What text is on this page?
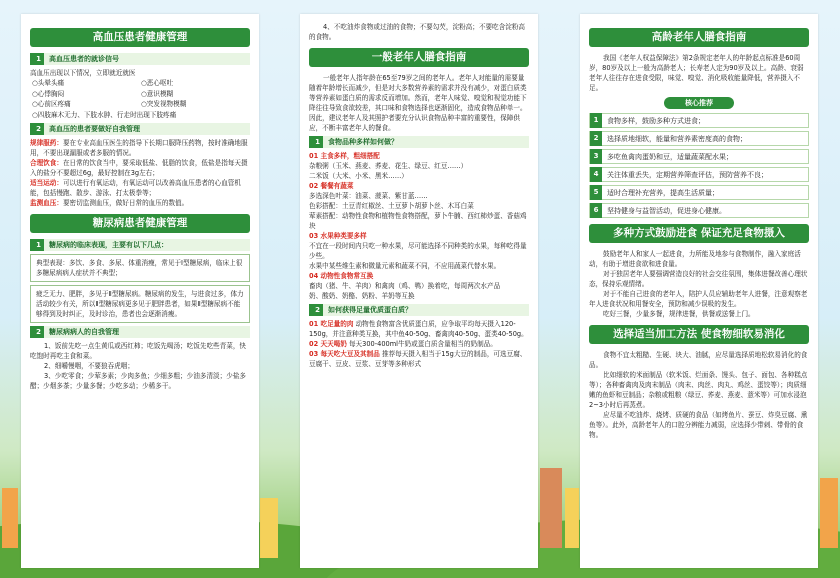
高血压患者健康管理
1	高血压患者的就诊信号
高血压出现以下情况，立即就近就医
○头晕头痛	○恶心呕吐
○心悸胸闷	○意识模糊
○心前区疼痛	○突发视物模糊
○四肢麻木无力、下肢水肿、行走时出现下肢疼痛
2	高血压的患者要做好自我管理
规律服药：要在专业高血压医生的指导下长期口服降压药物，按时准确地服用，不要出现漏服或者多服的情况。
合理饮食：在日常的饮食当中，要采取低盐、低脂的饮食，低盐是指每天摄入的盐分不要超过6g，最好控制在3g左右；
适当运动：可以进行有氧运动，有氧运动可以改善高血压患者的心血管机能，包括慢跑、散步、游泳、打太极拳等；
监测血压：要密切监测血压，做好日常的血压的数值。
糖尿病患者健康管理
1	糖尿病的临床表现，主要有以下几点：
典型表现：多饮、多食、多尿、体重消瘦，常见于Ⅰ型糖尿病，临床上很多糖尿病病人症状并不典型；
疲乏无力、肥胖，多见于Ⅱ型糖尿病。糖尿病的发生，与进食过多，体力活动较少有关，所以Ⅱ型糖尿病更多见于肥胖患者，如果Ⅱ型糖尿病不能够得到及时纠正，及时诊治，患者也会逐渐消瘦。
2	糖尿病病人的自我管理
1、饭前先吃一点生黄瓜或西红柿；吃饭先喝汤；吃饭先吃些青菜，快吃饱时再吃主食和菜。
2、细嚼慢咽，不要狼吞虎咽；
3、少吃零食；少荤多素；少肉多鱼；少细多粗；少油多清淡；少盐多醋；少烟多茶；少量多餐；少吃多动；少稀多干。
4、不吃油炸食物或过油的食物；不要勾芡，淀粉高；不要吃含淀粉高的食物。
一般老年人膳食指南
一般老年人指年龄在65至79岁之间的老年人。老年人对能量的需要量随着年龄增长而减少，但是对大多数营养素的需求并没有减少，对蛋白质类等营养素如蛋白质的需求反而增加。然而，老年人味觉、嗅觉和视觉功能下降往往导致食欲较差，其口味和食物选择也逐渐固化，造成食物品种单一。因此，建议老年人及其照护者要充分认识食物品种丰富的重要性，保障供应，不断丰富老年人的餐食。
1	食物品种多样如何做？
01 主食多样，粗细搭配
杂粮粥（玉米、燕麦、荞麦、花生、绿豆、红豆……）
二米饭（大米、小米、黑米……）
02 餐餐有蔬菜
多选深色叶菜：油菜、菠菜、紫甘蓝……
色彩搭配：土豆青红椒丝、土豆萝卜胡萝卜丝、木耳白菜
荤素搭配：动物性食物和植物性食物搭配，萝卜牛腩、西红柿炒蛋、香菇鸡块
03 水果种类要多样
不宜在一段时间内只吃一种水果，尽可能选择不同种类的水果，每种吃得量少些。
水果中某些维生素和微量元素和蔬菜不同，不应用蔬菜代替水果。
04 动物性食物常互换
畜肉（猪、牛、羊肉）和禽肉（鸡、鸭）换着吃，每周两次水产品
奶、酸奶、奶酪、奶粉、羊奶等互换
2	如何获得足量优质蛋白质？
01 吃足量的肉 动物性食物富含优质蛋白质，应争取平均每天摄入120-150g，并注意种类互换，其中鱼40-50g、畜禽肉40-50g、蛋类40-50g。
02 天天喝奶 每天300-400ml牛奶或蛋白质含量相当的奶制品。
03 每天吃大豆及其制品 推荐每天摄入相当于15g大豆的制品，可选豆腐、豆腐干、豆皮、豆浆、豆芽等多种形式
高龄老年人膳食指南
我国《老年人权益保障法》第2条规定老年人的年龄起点标准是60周岁，80岁及以上一般为高龄老人；长寿老人定为90岁及以上。高龄、衰弱老年人往往存在进食受限，味觉、嗅觉、消化吸收能量降低，营养摄入不足。
核心推荐
1	食物多样，鼓励多种方式进食；
2	选择质地细软，能量和营养素密度高的食物；
3	多吃鱼禽肉蛋奶和豆，适量蔬菜配水果；
4	关注体重丢失，定期营养筛查评估，预防营养不良；
5	适时合理补充营养，提高生活质量；
6	坚持健身与益智活动，促进身心健康。
多种方式鼓励进食 保证充足食物摄入
鼓励老年人和家人一起进食，力所能及地参与食物制作，融入家庭活动，有助于增进食欲和进食量。
对于独居老年人要强调营造良好的社会交往氛围，集体进餐改善心理状态，保持乐观情绪。
对于不能自己进食的老年人，陪护人员应辅助老年人进餐，注意观察老年人进食状况和用餐安全，预防和减少误吸的发生。
吃好三餐，少量多餐，规律进餐，供餐或送餐上门。
选择适当加工方法 使食物细软易消化
食物不宜太粗糙、生硬、块大、油腻，应尽量选择质地松软易消化的食品。
比如细软的米面制品（软米饭、烂面条、馒头、包子、面包、各种糕点等）；各种畜禽肉及肉末制品（肉末、肉丝、肉丸、鸡丝、蛋饺等）；肉质细嫩的鱼虾和豆制品；杂粮或粗粮（绿豆、荞麦、燕麦、薏米等）可加水浸泡2~3小时后再蒸煮。
应尽量不吃油炸、烧烤、质硬的食品（如烤鱼片、蚕豆、炸臭豆腐、熏鱼等）。此外，高龄老年人的口腔分辨能力减弱，应选择少带刺、带骨的食物。
